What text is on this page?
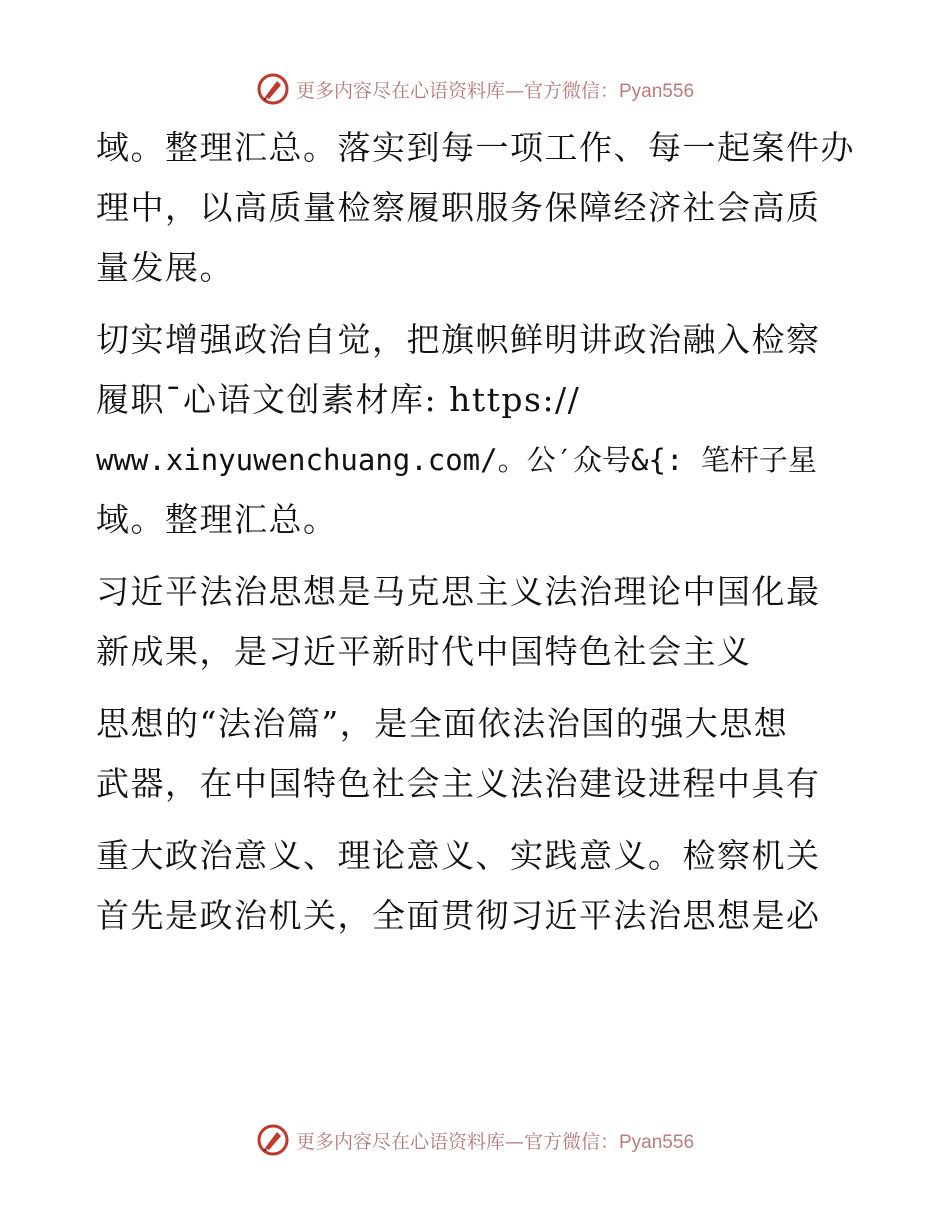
更多内容尽在心语资料库—官方微信：Pyan556
域。整理汇总。落实到每一项工作、每一起案件办
理中，以高质量检察履职服务保障经济社会高质
量发展。
切实增强政治自觉，把旗帜鲜明讲政治融入检察
履职¯心语文创素材库: https://
www.xinyuwenchuang.com/。公′众号&{: 笔杆子星
域。整理汇总。
习近平法治思想是马克思主义法治理论中国化最
新成果，是习近平新时代中国特色社会主义
思想的“法治篇”，是全面依法治国的强大思想
武器，在中国特色社会主义法治建设进程中具有
重大政治意义、理论意义、实践意义。检察机关
首先是政治机关，全面贯彻习近平法治思想是必
更多内容尽在心语资料库—官方微信：Pyan556
